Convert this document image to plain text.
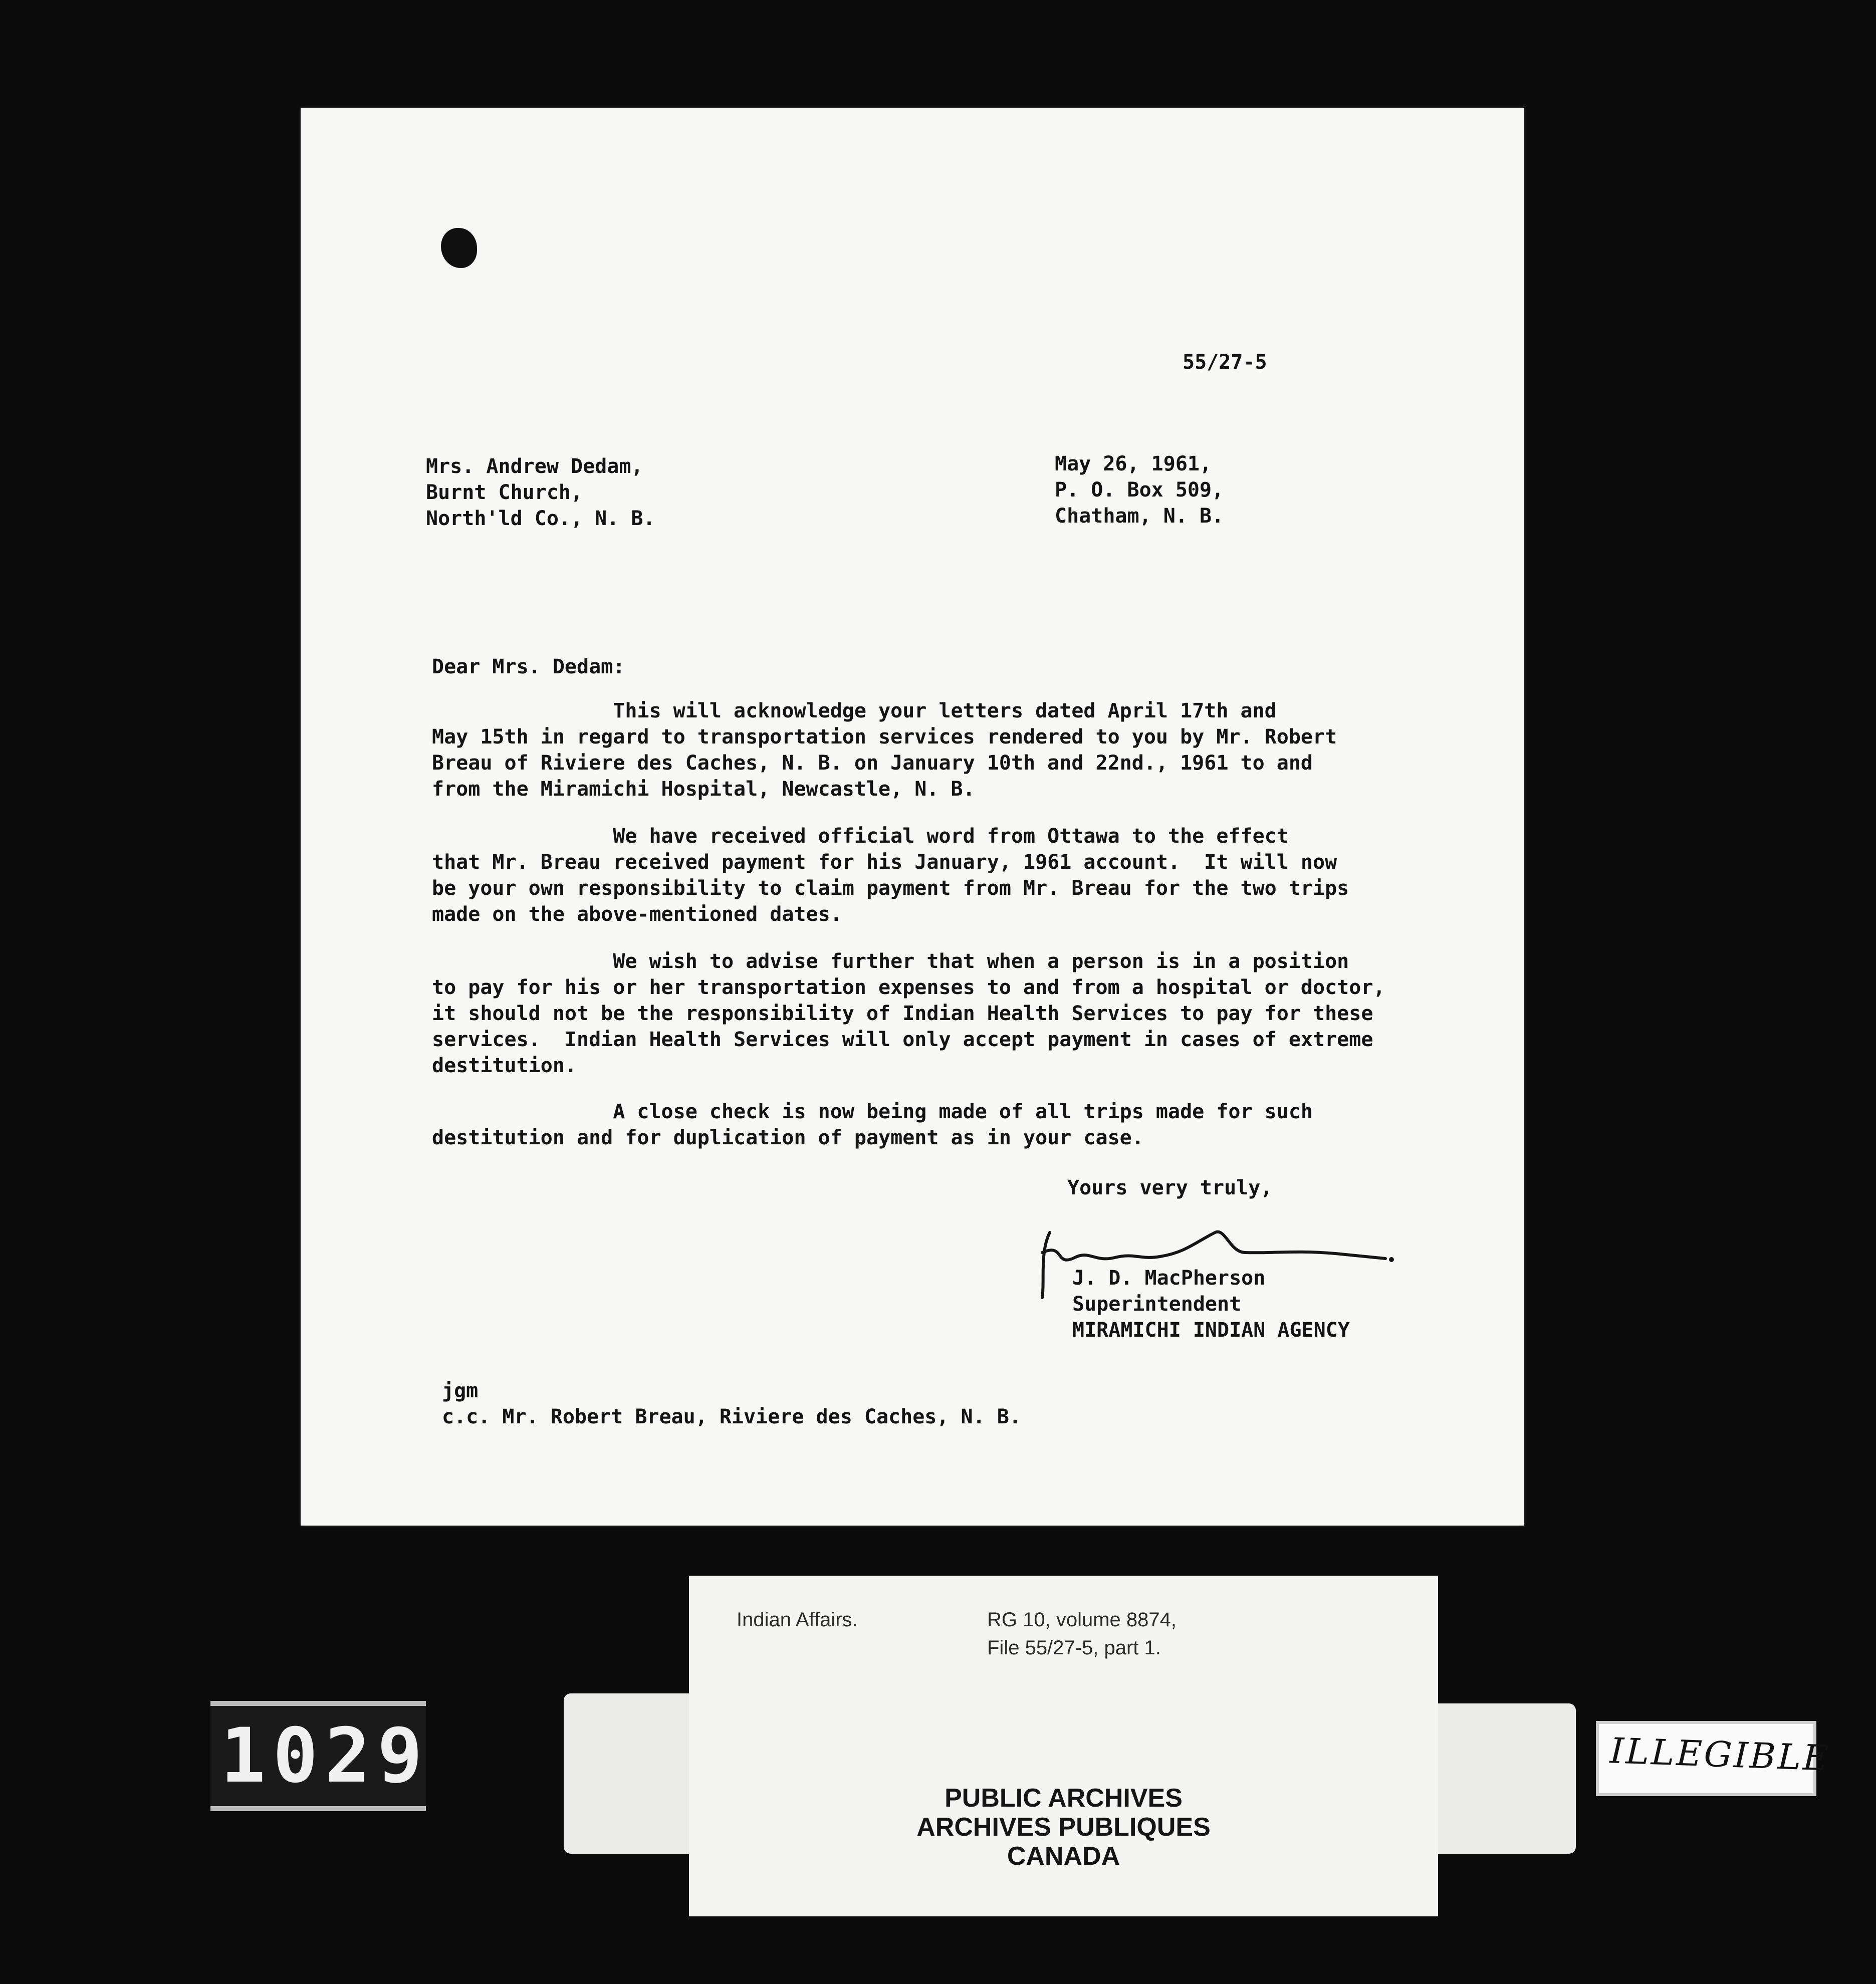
55/27-5
Mrs. Andrew Dedam,
Burnt Church,
North'ld Co., N. B.
May 26, 1961,
P. O. Box 509,
Chatham, N. B.
Dear Mrs. Dedam:

This will acknowledge your letters dated April 17th and

May 15th in regard to transportation services rendered to you by Mr. Robert

Breau of Riviere des Caches, N. B. on January 10th and 22nd., 1961 to and

from the Miramichi Hospital, Newcastle, N. B.

We have received official word from Ottawa to the effect

that Mr. Breau received payment for his January, 1961 account.  It will now

be your own responsibility to claim payment from Mr. Breau for the two trips

made on the above-mentioned dates.

We wish to advise further that when a person is in a position

to pay for his or her transportation expenses to and from a hospital or doctor,

it should not be the responsibility of Indian Health Services to pay for these

services.  Indian Health Services will only accept payment in cases of extreme

destitution.

A close check is now being made of all trips made for such

destitution and for duplication of payment as in your case.

Yours very truly,
J. D. MacPherson
Superintendent
MIRAMICHI INDIAN AGENCY
jgm
c.c. Mr. Robert Breau, Riviere des Caches, N. B.
Indian Affairs.	RG 10, volume 8874,
File 55/27-5, part 1.
PUBLIC ARCHIVES
ARCHIVES PUBLIQUES
CANADA
1029	ILLEGIBLE
